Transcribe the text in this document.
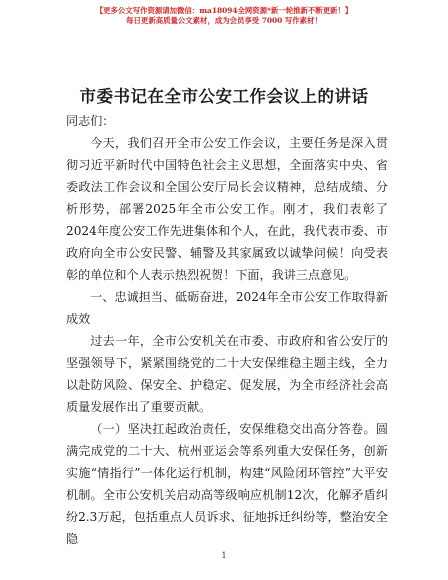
【更多公文写作资源请加微信：ma18094全网资源*新一轮推新不断更新！】
每日更新高质量公文素材，成为会员享受 7000 写作素材！
市委书记在全市公安工作会议上的讲话

同志们：

今天，我们召开全市公安工作会议，主要任务是深入贯彻习近平新时代中国特色社会主义思想，全面落实中央、省委政法工作会议和全国公安厅局长会议精神，总结成绩、分析形势，部署2025年全市公安工作。刚才，我们表彰了2024年度公安工作先进集体和个人，在此，我代表市委、市政府向全市公安民警、辅警及其家属致以诚挚问候！向受表彰的单位和个人表示热烈祝贺！下面，我讲三点意见。

一、忠诚担当、砥砺奋进，2024年全市公安工作取得新成效

过去一年，全市公安机关在市委、市政府和省公安厅的坚强领导下，紧紧围绕党的二十大安保维稳主题主线，全力以赴防风险、保安全、护稳定、促发展，为全市经济社会高质量发展作出了重要贡献。

（一）坚决扛起政治责任，安保维稳交出高分答卷。圆满完成党的二十大、杭州亚运会等系列重大安保任务，创新实施“情指行”一体化运行机制，构建“风险闭环管控”大平安机制。全市公安机关启动高等级响应机制12次，化解矛盾纠纷2.3万起，包括重点人员诉求、征地拆迁纠纷等，整治安全隐

1
